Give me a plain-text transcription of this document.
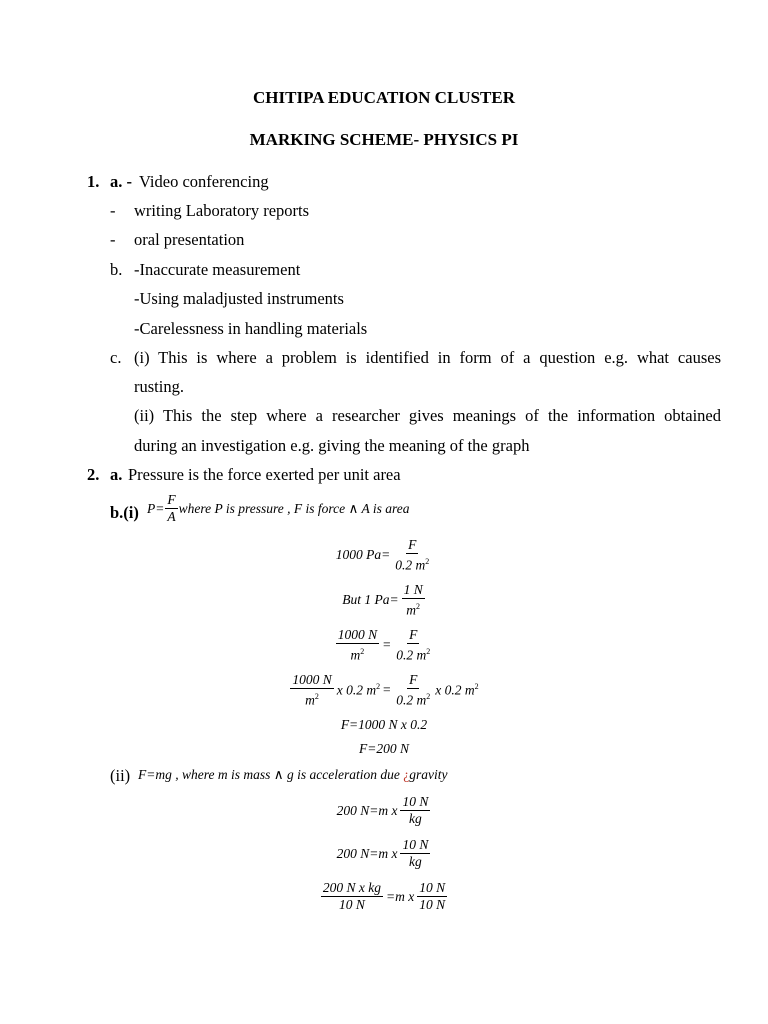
CHITIPA EDUCATION CLUSTER
MARKING SCHEME- PHYSICS PI
1. a. - Video conferencing
- writing Laboratory reports
- oral presentation
b. -Inaccurate measurement
-Using maladjusted instruments
-Carelessness in handling materials
c. (i) This is where a problem is identified in form of a question e.g. what causes
rusting.
(ii) This the step where a researcher gives meanings of the information obtained
during an investigation e.g. giving the meaning of the graph
2. a. Pressure is the force exerted per unit area
b.(i) $P= \frac{F}{A}$ where P is pressure , F is force ∧ A is area
1000 $Pa= \frac{F}{0.2 m^2}$
But 1 $Pa= \frac{1 N}{m^2}$
$\frac{1000 N}{m^2} = \frac{F}{0.2 m^2}$
$\frac{1000 N}{m^2}$ x 0.2 $m^2 = \frac{F}{0.2 m^2}$ x 0.2 $m^2$
F=1000 N x 0.2
F=200 N
(ii) F=mg , where m is mass ∧ g is acceleration due ¿gravity
200 N=m x $\frac{10 N}{kg}$
200 N=m x $\frac{10 N}{kg}$
$\frac{\text{200 N x kg}}{10 N} =m$ x $\frac{10 N}{10 N}$
